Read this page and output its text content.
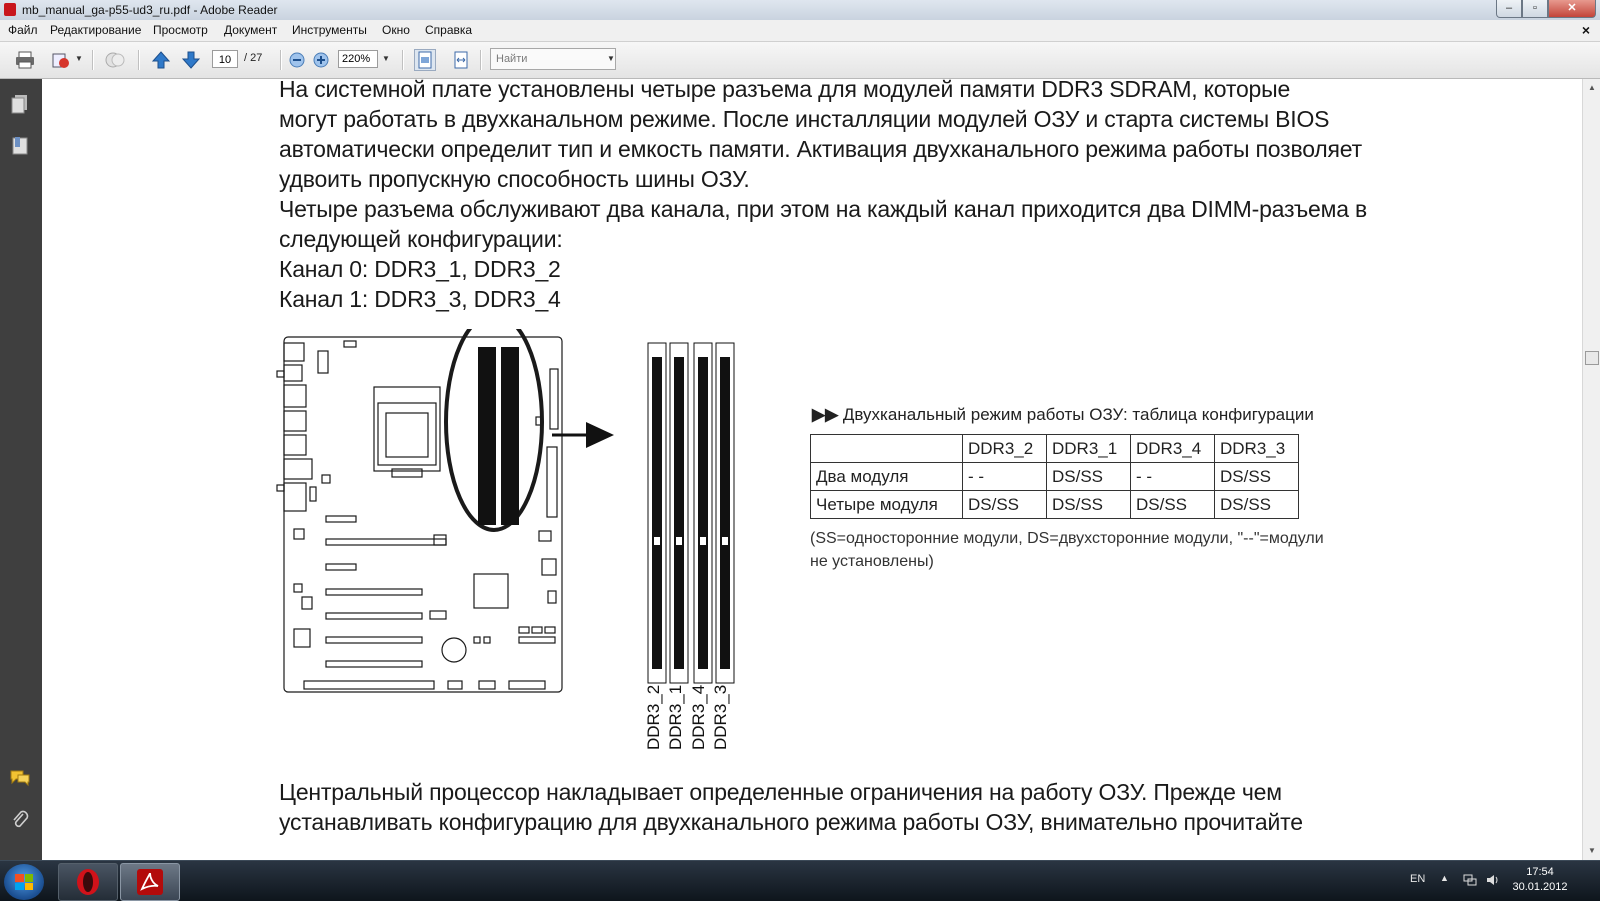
mb_manual_ga-p55-ud3_ru.pdf - Adobe Reader	–	▫	✕
Файл Редактирование Просмотр Документ Инструменты Окно Справка	×
▼	10	/ 27	220%	▼	Найти	▼
На системной плате установлены четыре разъема для модулей памяти DDR3 SDRAM, которые
могут работать в двухканальном режиме. После инсталляции модулей ОЗУ и старта системы BIOS
автоматически определит тип и емкость памяти. Активация двухканального режима работы позволяет
удвоить пропускную способность шины ОЗУ.
Четыре разъема обслуживают два канала, при этом на каждый канал приходится два DIMM-разъема в
следующей конфигурации:
Канал 0: DDR3_1, DDR3_2
Канал 1: DDR3_3, DDR3_4
DDR3_2 DDR3_1 DDR3_4 DDR3_3
▶▶ Двухканальный режим работы ОЗУ: таблица конфигурации
	DDR3_2	DDR3_1	DDR3_4	DDR3_3
Два модуля	- -	DS/SS	- -	DS/SS
Четыре модуля	DS/SS	DS/SS	DS/SS	DS/SS
(SS=односторонние модули, DS=двухсторонние модули, "--"=модули
не установлены)
Центральный процессор накладывает определенные ограничения на работу ОЗУ. Прежде чем
устанавливать конфигурацию для двухканального режима работы ОЗУ, внимательно прочитайте
▲
▼
EN ▲	17:54
30.01.2012
